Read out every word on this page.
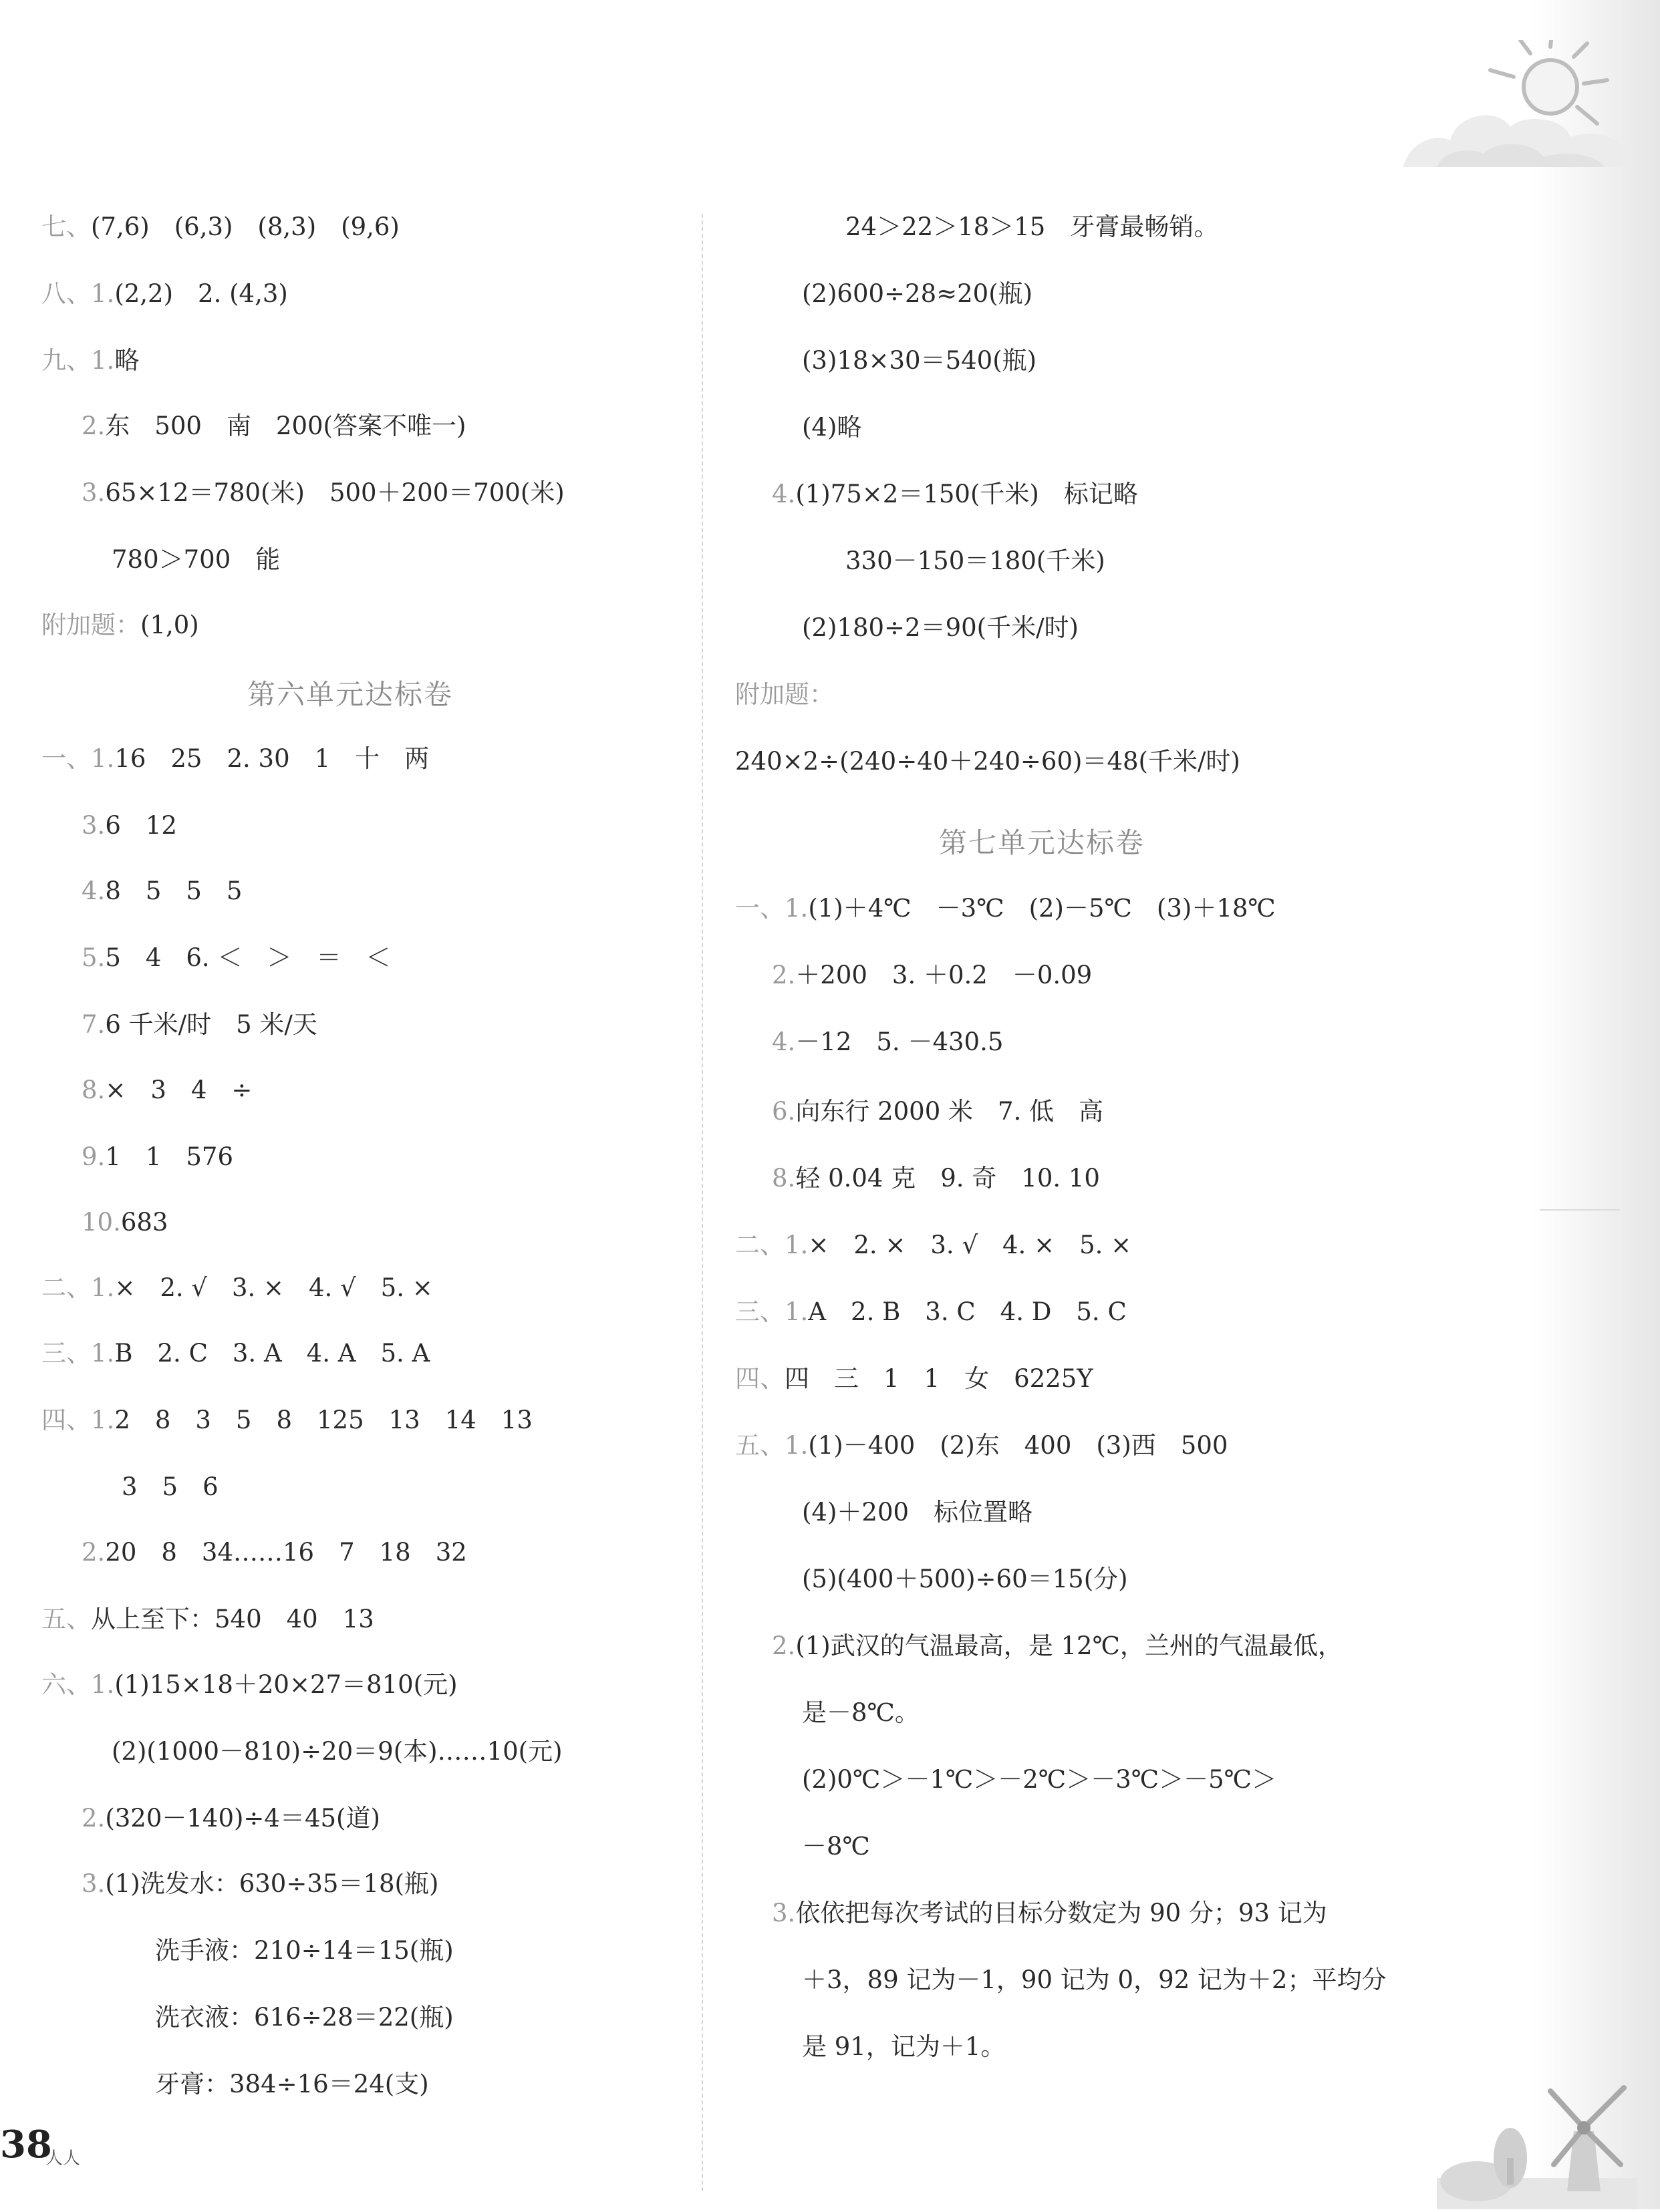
七、(7,6)　(6,3)　(8,3)　(9,6)
八、1.(2,2)　2. (4,3)
九、1.略
2.东　500　南　200(答案不唯一)
3.65×12＝780(米)　500＋200＝700(米)
780＞700　能
附加题：(1,0)
一、1.16　25　2. 30　1　十　两
3.6　12
4.8　5　5　5
5.5　4　6. ＜　＞　＝　＜
7.6 千米/时　5 米/天
8.×　3　4　÷
9.1　1　576
10.683
二、1.×　2. √　3. ×　4. √　5. ×
三、1.B　2. C　3. A　4. A　5. A
四、1.2　8　3　5　8　125　13　14　13
3　5　6
2.20　8　34……16　7　18　32
五、从上至下：540　40　13
六、1.(1)15×18＋20×27＝810(元)
(2)(1000－810)÷20＝9(本)……10(元)
2.(320－140)÷4＝45(道)
3.(1)洗发水：630÷35＝18(瓶)
洗手液：210÷14＝15(瓶)
洗衣液：616÷28＝22(瓶)
牙膏：384÷16＝24(支)
第六单元达标卷
24＞22＞18＞15　牙膏最畅销。
(2)600÷28≈20(瓶)
(3)18×30＝540(瓶)
(4)略
4.(1)75×2＝150(千米)　标记略
330－150＝180(千米)
(2)180÷2＝90(千米/时)
附加题：
240×2÷(240÷40＋240÷60)＝48(千米/时)
一、1.(1)＋4℃　－3℃　(2)－5℃　(3)＋18℃
2.＋200　3. ＋0.2　－0.09
4.－12　5. －430.5
6.向东行 2000 米　7. 低　高
8.轻 0.04 克　9. 奇　10. 10
二、1.×　2. ×　3. √　4. ×　5. ×
三、1.A　2. B　3. C　4. D　5. C
四、四　三　1　1　女　6225Y
五、1.(1)－400　(2)东　400　(3)西　500
(4)＋200　标位置略
(5)(400＋500)÷60＝15(分)
2.(1)武汉的气温最高，是 12℃，兰州的气温最低，
是－8℃。
(2)0℃＞－1℃＞－2℃＞－3℃＞－5℃＞
－8℃
3.依依把每次考试的目标分数定为 90 分；93 记为
＋3，89 记为－1，90 记为 0，92 记为＋2；平均分
是 91，记为＋1。
第七单元达标卷
38
人人
